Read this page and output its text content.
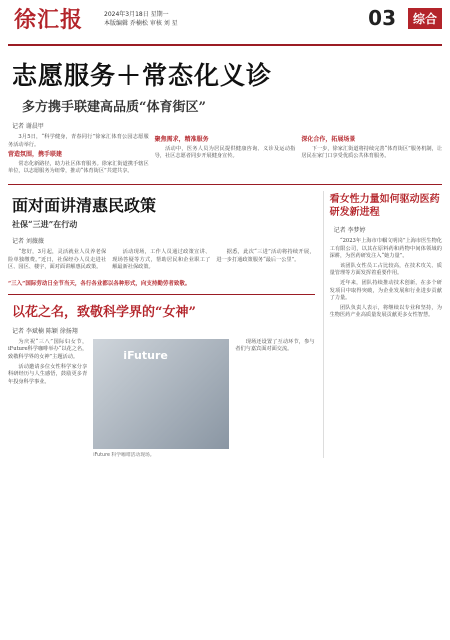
徐汇报	2024年3月18日 星期一
本版编辑 乔楠松 审核 刘 星	03	综合
志愿服务＋常态化义诊
多方携手联建高品质“体育街区”
记者 谢晨甲

3月5日，“科学健身，青春同行”徐家汇体育公园志愿服务活动举行。

营造氛围，携手联建

常态化新路径，助力社区体育服务。徐家汇街道携手辖区单位，以志愿服务为纽带，推动“体育街区”共建共享。

聚焦需求，精准服务

活动中，医务人员为居民提供健康咨询、义诊及运动指导，社区志愿者同步开展健身宣传。

深化合作，拓展场景

下一步，徐家汇街道将持续完善“体育街区”服务机制，让居民在家门口享受优质公共体育服务。

面对面讲清惠民政策
社保“三进”在行动
记者 刘薇薇

“您好，3月起，灵活就业人员养老保险单独缴费。”近日，社保经办人员走进社区、园区、楼宇，面对面讲解惠民政策。

活动现场，工作人员通过政策宣讲、现场答疑等方式，帮助居民和企业职工了解最新社保政策。

据悉，此次“三进”活动将持续开展，进一步打通政策服务“最后一公里”。

“三入”国际劳动日全节当天，各行各业都以各种形式，向支持勤劳者致敬。
以花之名，致敬科学界的“女神”
记者 李斌楠 陈颖 徐扬翔

为庆祝“三八”国际妇女节，iFuture科学咖啡举办“以花之名，致敬科学界的女神”主题活动。

活动邀请多位女性科学家分享科研经历与人生感悟，鼓励更多青年投身科学事业。

iFuture
iFuture 科学咖啡活动现场。

现场还设置了互动环节，参与者们与嘉宾面对面交流。

看女性力量如何驱动医药研发新进程
记者 李梦婷

“2023年上海市巾帼文明岗”上海市医生物化工有限公司，以其在原料药和药物中间体领域的深耕，为医药研发注入“她力量”。

该团队女性员工占比较高，在技术攻关、质量管理等方面发挥着重要作用。

近年来，团队持续推动技术创新，在多个研发项目中取得突破，为企业发展和行业进步贡献了力量。

团队负责人表示，将继续以专业和坚持，为生物医药产业高质量发展贡献更多女性智慧。
